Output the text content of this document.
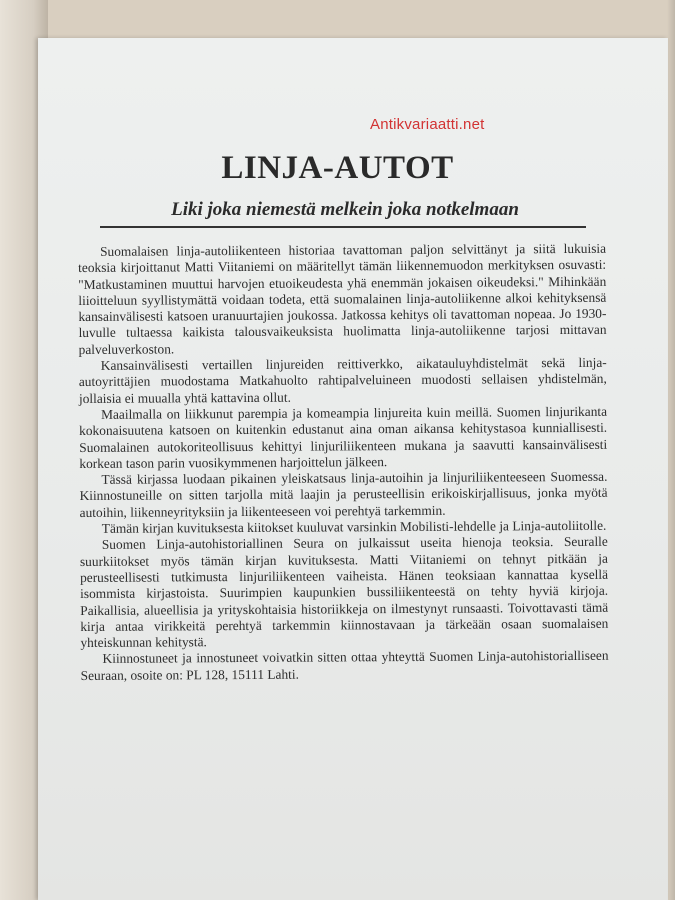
Antikvariaatti.net
LINJA-AUTOT
Liki joka niemestä melkein joka notkelmaan

Suomalaisen linja-autoliikenteen historiaa tavattoman paljon selvittänyt ja siitä lukuisia teoksia kirjoittanut Matti Viitaniemi on määritellyt tämän liikennemuodon merkityksen osuvasti: "Matkustaminen muuttui harvojen etuoikeudesta yhä enemmän jokaisen oikeudeksi." Mihinkään liioitteluun syyllistymättä voidaan todeta, että suomalainen linja-autoliikenne alkoi kehityksensä kansainvälisesti katsoen uranuurtajien joukossa. Jatkossa kehitys oli tavattoman nopeaa. Jo 1930-luvulle tultaessa kaikista talousvaikeuksista huolimatta linja-autoliikenne tarjosi mittavan palveluverkoston.

Kansainvälisesti vertaillen linjureiden reittiverkko, aikatauluyhdistelmät sekä linja-autoyrittäjien muodostama Matkahuolto rahtipalveluineen muodosti sellaisen yhdistelmän, jollaisia ei muualla yhtä kattavina ollut.

Maailmalla on liikkunut parempia ja komeampia linjureita kuin meillä. Suomen linjurikanta kokonaisuutena katsoen on kuitenkin edustanut aina oman aikansa kehitystasoa kunniallisesti. Suomalainen autokoriteollisuus kehittyi linjuriliikenteen mukana ja saavutti kansainvälisesti korkean tason parin vuosikymmenen harjoittelun jälkeen.

Tässä kirjassa luodaan pikainen yleiskatsaus linja-autoihin ja linjuriliikenteeseen Suomessa. Kiinnostuneille on sitten tarjolla mitä laajin ja perusteellisin erikoiskirjallisuus, jonka myötä autoihin, liikenneyrityksiin ja liikenteeseen voi perehtyä tarkemmin.

Tämän kirjan kuvituksesta kiitokset kuuluvat varsinkin Mobilisti-lehdelle ja Linja-autoliitolle.

Suomen Linja-autohistoriallinen Seura on julkaissut useita hienoja teoksia. Seuralle suurkiitokset myös tämän kirjan kuvituksesta. Matti Viitaniemi on tehnyt pitkään ja perusteellisesti tutkimusta linjuriliikenteen vaiheista. Hänen teoksiaan kannattaa kysellä isommista kirjastoista. Suurimpien kaupunkien bussiliikenteestä on tehty hyviä kirjoja. Paikallisia, alueellisia ja yrityskohtaisia historiikkeja on ilmestynyt runsaasti. Toivottavasti tämä kirja antaa virikkeitä perehtyä tarkemmin kiinnostavaan ja tärkeään osaan suomalaisen yhteiskunnan kehitystä.

Kiinnostuneet ja innostuneet voivatkin sitten ottaa yhteyttä Suomen Linja-autohistorialliseen Seuraan, osoite on: PL 128, 15111 Lahti.
